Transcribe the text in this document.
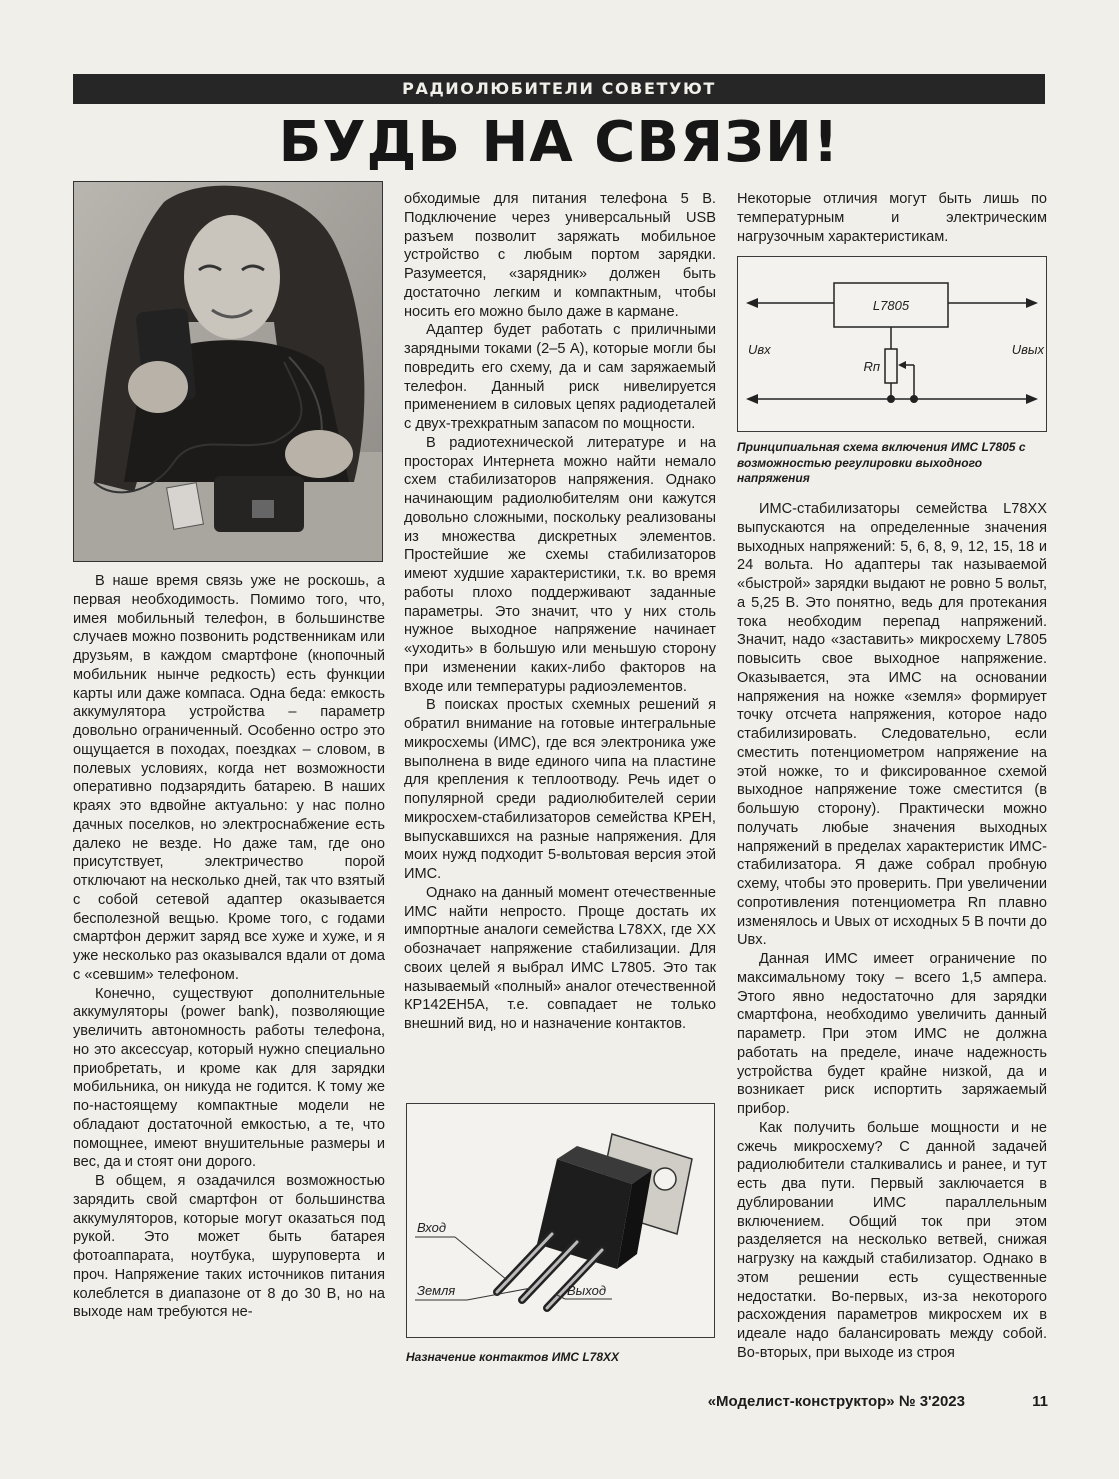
РАДИОЛЮБИТЕЛИ СОВЕТУЮТ
БУДЬ НА СВЯЗИ!

В наше время связь уже не роскошь, а первая необходимость. Помимо того, что, имея мобильный телефон, в большинстве случаев можно позвонить родственникам или друзьям, в каждом смартфоне (кнопочный мобильник нынче редкость) есть функции карты или даже компаса. Одна беда: емкость аккумулятора устройства – параметр довольно ограниченный. Особенно остро это ощущается в походах, поездках – словом, в полевых условиях, когда нет возможности оперативно подзарядить батарею. В наших краях это вдвойне актуально: у нас полно дачных поселков, но электроснабжение есть далеко не везде. Но даже там, где оно присутствует, электричество порой отключают на несколько дней, так что взятый с собой сетевой адаптер оказывается бесполезной вещью. Кроме того, с годами смартфон держит заряд все хуже и хуже, и я уже несколько раз оказывался вдали от дома с «севшим» телефоном.

Конечно, существуют дополнительные аккумуляторы (power bank), позволяющие увеличить автономность работы телефона, но это аксессуар, который нужно специально приобретать, и кроме как для зарядки мобильника, он никуда не годится. К тому же по-настоящему компактные модели не обладают достаточной емкостью, а те, что помощнее, имеют внушительные размеры и вес, да и стоят они дорого.

В общем, я озадачился возможностью зарядить свой смартфон от большинства аккумуляторов, которые могут оказаться под рукой. Это может быть батарея фотоаппарата, ноутбука, шуруповерта и проч. Напряжение таких источников питания колеблется в диапазоне от 8 до 30 В, но на выходе нам требуются не-

обходимые для питания телефона 5 В. Подключение через универсальный USB разъем позволит заряжать мобильное устройство с любым портом зарядки. Разумеется, «зарядник» должен быть достаточно легким и компактным, чтобы носить его можно было даже в кармане.

Адаптер будет работать с приличными зарядными токами (2–5 А), которые могли бы повредить его схему, да и сам заряжаемый телефон. Данный риск нивелируется применением в силовых цепях радиодеталей с двух-трехкратным запасом по мощности.

В радиотехнической литературе и на просторах Интернета можно найти немало схем стабилизаторов напряжения. Однако начинающим радиолюбителям они кажутся довольно сложными, поскольку реализованы из множества дискретных элементов. Простейшие же схемы стабилизаторов имеют худшие характеристики, т.к. во время работы плохо поддерживают заданные параметры. Это значит, что у них столь нужное выходное напряжение начинает «уходить» в большую или меньшую сторону при изменении каких-либо факторов на входе или температуры радиоэлементов.

В поисках простых схемных решений я обратил внимание на готовые интегральные микросхемы (ИМС), где вся электроника уже выполнена в виде единого чипа на пластине для крепления к теплоотводу. Речь идет о популярной среди радиолюбителей серии микросхем-стабилизаторов семейства КРЕН, выпускавшихся на разные напряжения. Для моих нужд подходит 5-вольтовая версия этой ИМС.

Однако на данный момент отечественные ИМС найти непросто. Проще достать их импортные аналоги семейства L78XX, где XX обозначает напряжение стабилизации. Для своих целей я выбрал ИМС L7805. Это так называемый «полный» аналог отечественной КР142ЕН5А, т.е. совпадает не только внешний вид, но и назначение контактов.

Вход
Земля	Выход
Назначение контактов ИМС L78XX

Некоторые отличия могут быть лишь по температурным и электрическим нагрузочным характеристикам.

L7805
Uвх	Uвых
Rп
Принципиальная схема включения ИМС L7805 с возможностью регулировки выходного напряжения

ИМС-стабилизаторы семейства L78XX выпускаются на определенные значения выходных напряжений: 5, 6, 8, 9, 12, 15, 18 и 24 вольта. Но адаптеры так называемой «быстрой» зарядки выдают не ровно 5 вольт, а 5,25 В. Это понятно, ведь для протекания тока необходим перепад напряжений. Значит, надо «заставить» микросхему L7805 повысить свое выходное напряжение. Оказывается, эта ИМС на основании напряжения на ножке «земля» формирует точку отсчета напряжения, которое надо стабилизировать. Следовательно, если сместить потенциометром напряжение на этой ножке, то и фиксированное схемой выходное напряжение тоже сместится (в большую сторону). Практически можно получать любые значения выходных напряжений в пределах характеристик ИМС-стабилизатора. Я даже собрал пробную схему, чтобы это проверить. При увеличении сопротивления потенциометра Rп плавно изменялось и Uвых от исходных 5 В почти до Uвх.

Данная ИМС имеет ограничение по максимальному току – всего 1,5 ампера. Этого явно недостаточно для зарядки смартфона, необходимо увеличить данный параметр. При этом ИМС не должна работать на пределе, иначе надежность устройства будет крайне низкой, да и возникает риск испортить заряжаемый прибор.

Как получить больше мощности и не сжечь микросхему? С данной задачей радиолюбители сталкивались и ранее, и тут есть два пути. Первый заключается в дублировании ИМС параллельным включением. Общий ток при этом разделяется на несколько ветвей, снижая нагрузку на каждый стабилизатор. Однако в этом решении есть существенные недостатки. Во-первых, из-за некоторого расхождения параметров микросхем их в идеале надо балансировать между собой. Во-вторых, при выходе из строя

«Моделист-конструктор» № 3'2023	11
